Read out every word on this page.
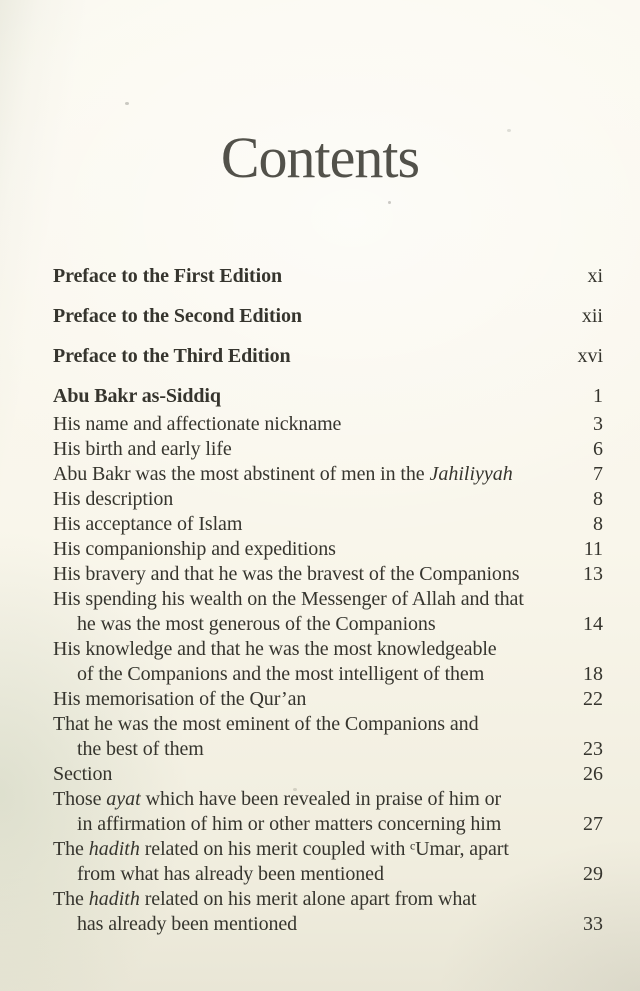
Contents
Preface to the First Edition	xi
Preface to the Second Edition	xii
Preface to the Third Edition	xvi
Abu Bakr as-Siddiq	1
His name and affectionate nickname	3
His birth and early life	6
Abu Bakr was the most abstinent of men in the Jahiliyyah	7
His description	8
His acceptance of Islam	8
His companionship and expeditions	11
His bravery and that he was the bravest of the Companions	13
His spending his wealth on the Messenger of Allah and that
he was the most generous of the Companions	14
His knowledge and that he was the most knowledgeable
of the Companions and the most intelligent of them	18
His memorisation of the Qur’an	22
That he was the most eminent of the Companions and
the best of them	23
Section	26
Those ayat which have been revealed in praise of him or
in affirmation of him or other matters concerning him	27
The hadith related on his merit coupled with ᶜUmar, apart
from what has already been mentioned	29
The hadith related on his merit alone apart from what
has already been mentioned	33
